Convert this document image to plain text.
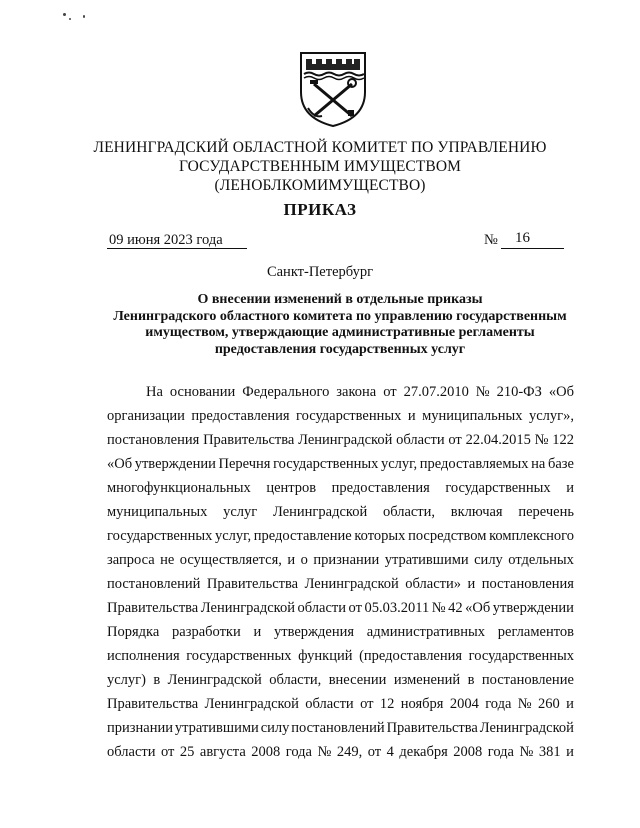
ЛЕНИНГРАДСКИЙ ОБЛАСТНОЙ КОМИТЕТ ПО УПРАВЛЕНИЮ
ГОСУДАРСТВЕННЫМ ИМУЩЕСТВОМ
(ЛЕНОБЛКОМИМУЩЕСТВО)
ПРИКАЗ
09 июня 2023 года	№	16
Санкт-Петербург
О внесении изменений в отдельные приказы
Ленинградского областного комитета по управлению государственным
имуществом, утверждающие административные регламенты
предоставления государственных услуг
На основании Федерального закона от 27.07.2010 № 210-ФЗ «Об
организации предоставления государственных и муниципальных услуг»,
постановления Правительства Ленинградской области от 22.04.2015 № 122
«Об утверждении Перечня государственных услуг, предоставляемых на базе
многофункциональных центров предоставления государственных и
муниципальных услуг Ленинградской области, включая перечень
государственных услуг, предоставление которых посредством комплексного
запроса не осуществляется, и о признании утратившими силу отдельных
постановлений Правительства Ленинградской области» и постановления
Правительства Ленинградской области от 05.03.2011 № 42 «Об утверждении
Порядка разработки и утверждения административных регламентов
исполнения государственных функций (предоставления государственных
услуг) в Ленинградской области, внесении изменений в постановление
Правительства Ленинградской области от 12 ноября 2004 года № 260 и
признании утратившими силу постановлений Правительства Ленинградской
области от 25 августа 2008 года № 249, от 4 декабря 2008 года № 381 и
